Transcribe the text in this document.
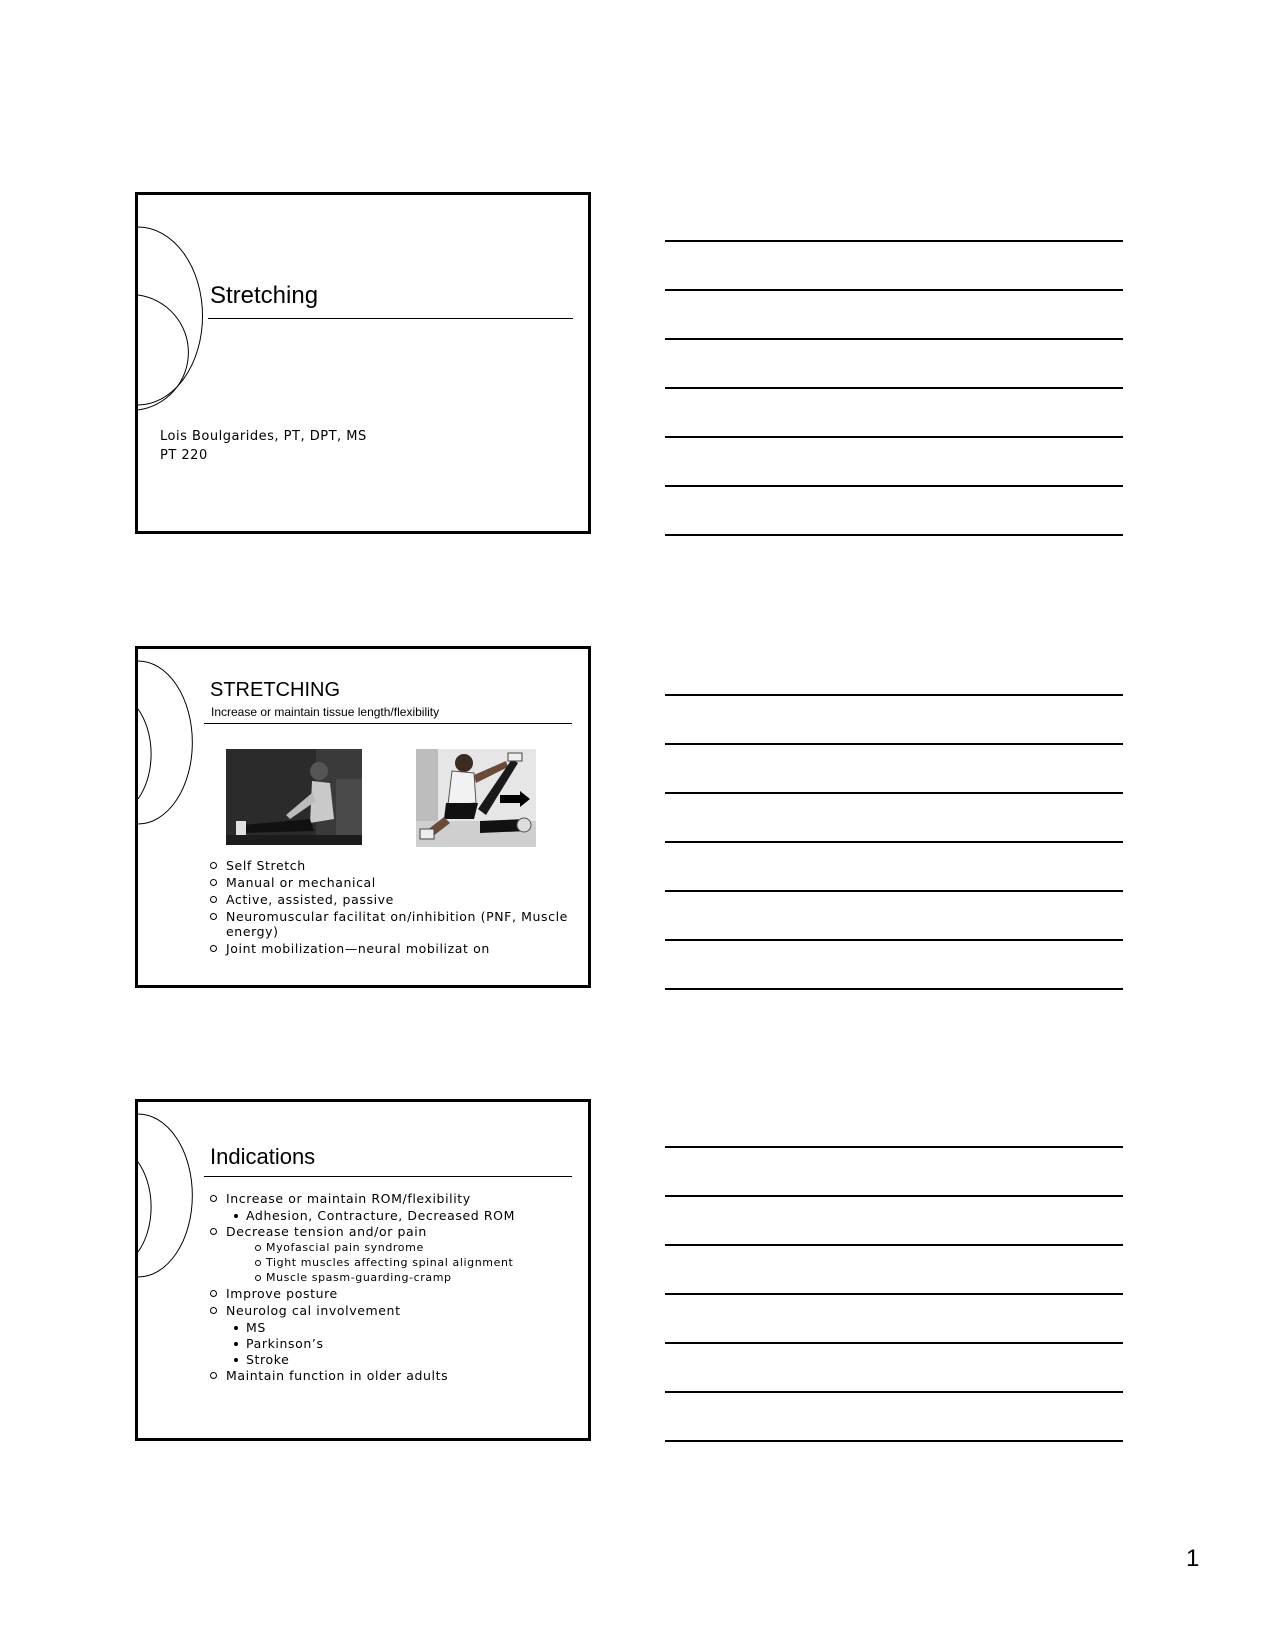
Stretching
Lois Boulgarides, PT, DPT, MS
PT 220
STRETCHING
Increase or maintain tissue length/flexibility
Self Stretch
Manual or mechanical
Active, assisted, passive
Neuromuscular facilitat on/inhibition (PNF, Muscle energy)
Joint mobilization—neural mobilizat on
Indications
Increase or maintain ROM/flexibility
Adhesion, Contracture, Decreased ROM
Decrease tension and/or pain
Myofascial pain syndrome
Tight muscles affecting spinal alignment
Muscle spasm-guarding-cramp
Improve posture
Neurolog cal involvement
MS
Parkinson’s
Stroke
Maintain function in older adults
1
